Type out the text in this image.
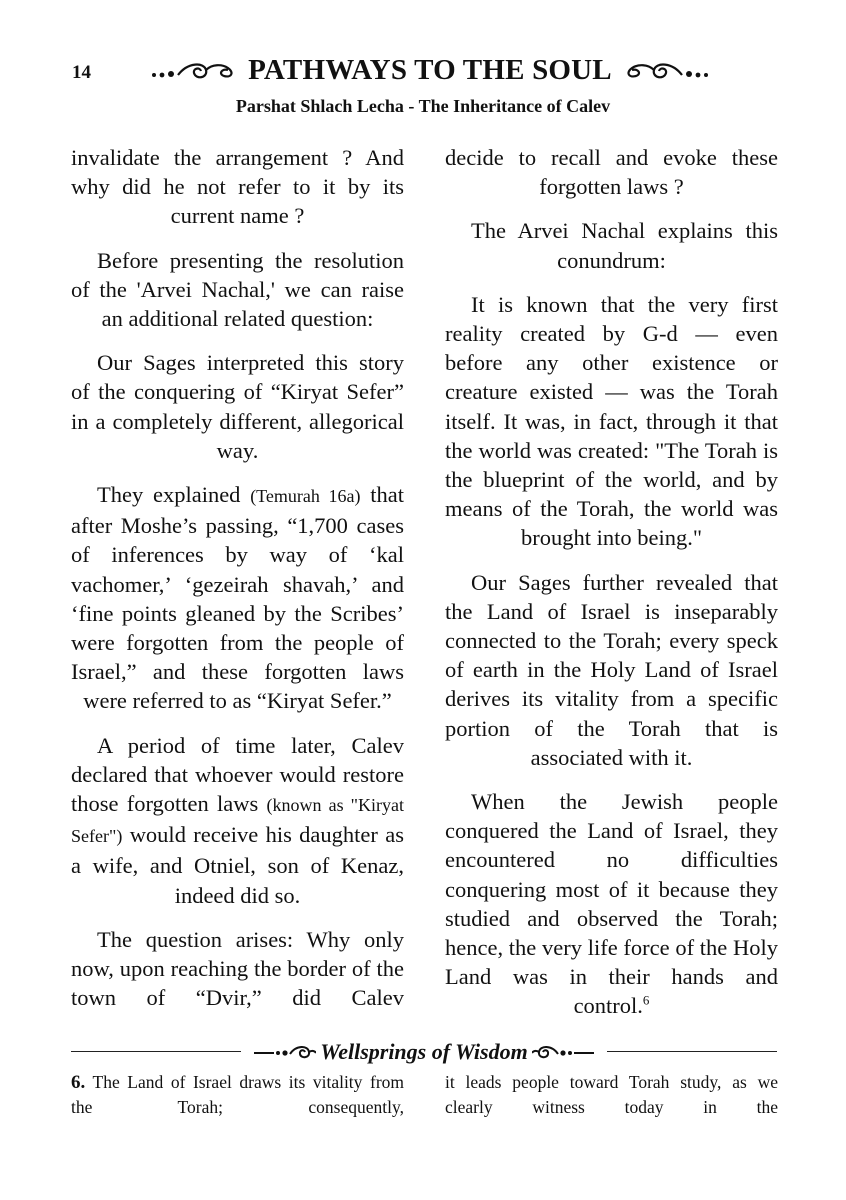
14	PATHWAYS TO THE SOUL
Parshat Shlach Lecha - The Inheritance of Calev

invalidate the arrangement ? And why did he not refer to it by its current name ?

Before presenting the resolution of the 'Arvei Nachal,' we can raise an additional related question:

Our Sages interpreted this story of the conquering of “Kiryat Sefer” in a completely different, allegorical way.

They explained (Temurah 16a) that after Moshe’s passing, “1,700 cases of inferences by way of ‘kal vachomer,’ ‘gezeirah shavah,’ and ‘fine points gleaned by the Scribes’ were forgotten from the people of Israel,” and these forgotten laws were referred to as “Kiryat Sefer.”

A period of time later, Calev declared that whoever would restore those forgotten laws (known as "Kiryat Sefer") would receive his daughter as a wife, and Otniel, son of Kenaz, indeed did so.

The question arises: Why only now, upon reaching the border of the town of “Dvir,” did Calev

decide to recall and evoke these forgotten laws ?

The Arvei Nachal explains this conundrum:

It is known that the very first reality created by G-d — even before any other existence or creature existed — was the Torah itself. It was, in fact, through it that the world was created: "The Torah is the blueprint of the world, and by means of the Torah, the world was brought into being."

Our Sages further revealed that the Land of Israel is inseparably connected to the Torah; every speck of earth in the Holy Land of Israel derives its vitality from a specific portion of the Torah that is associated with it.

When the Jewish people conquered the Land of Israel, they encountered no difficulties conquering most of it because they studied and observed the Torah; hence, the very life force of the Holy Land was in their hands and control.$^6$

Wellsprings of Wisdom
6. The Land of Israel draws its vitality from the Torah; consequently,
it leads people toward Torah study, as we clearly witness today in the
